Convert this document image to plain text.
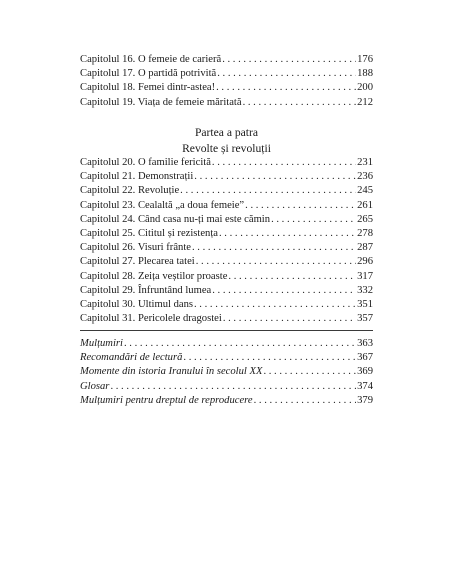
Capitolul 16. O femeie de carieră . . .	176
Capitolul 17. O partidă potrivită . . .	188
Capitolul 18. Femei dintr-astea! . . .	200
Capitolul 19. Viața de femeie măritată . . .	212
Partea a patra
Revolte și revoluții
Capitolul 20. O familie fericită . . .	231
Capitolul 21. Demonstrații . . .	236
Capitolul 22. Revoluție . . .	245
Capitolul 23. Cealaltă „a doua femeie” . . .	261
Capitolul 24. Când casa nu-ți mai este cămin . . .	265
Capitolul 25. Cititul și rezistența . . .	278
Capitolul 26. Visuri frânte . . .	287
Capitolul 27. Plecarea tatei . . .	296
Capitolul 28. Zeița veștilor proaste . . .	317
Capitolul 29. Înfruntând lumea . . .	332
Capitolul 30. Ultimul dans . . .	351
Capitolul 31. Pericolele dragostei . . .	357
Mulțumiri . . .	363
Recomandări de lectură . . .	367
Momente din istoria Iranului în secolul XX . . .	369
Glosar . . .	374
Mulțumiri pentru dreptul de reproducere . . .	379
